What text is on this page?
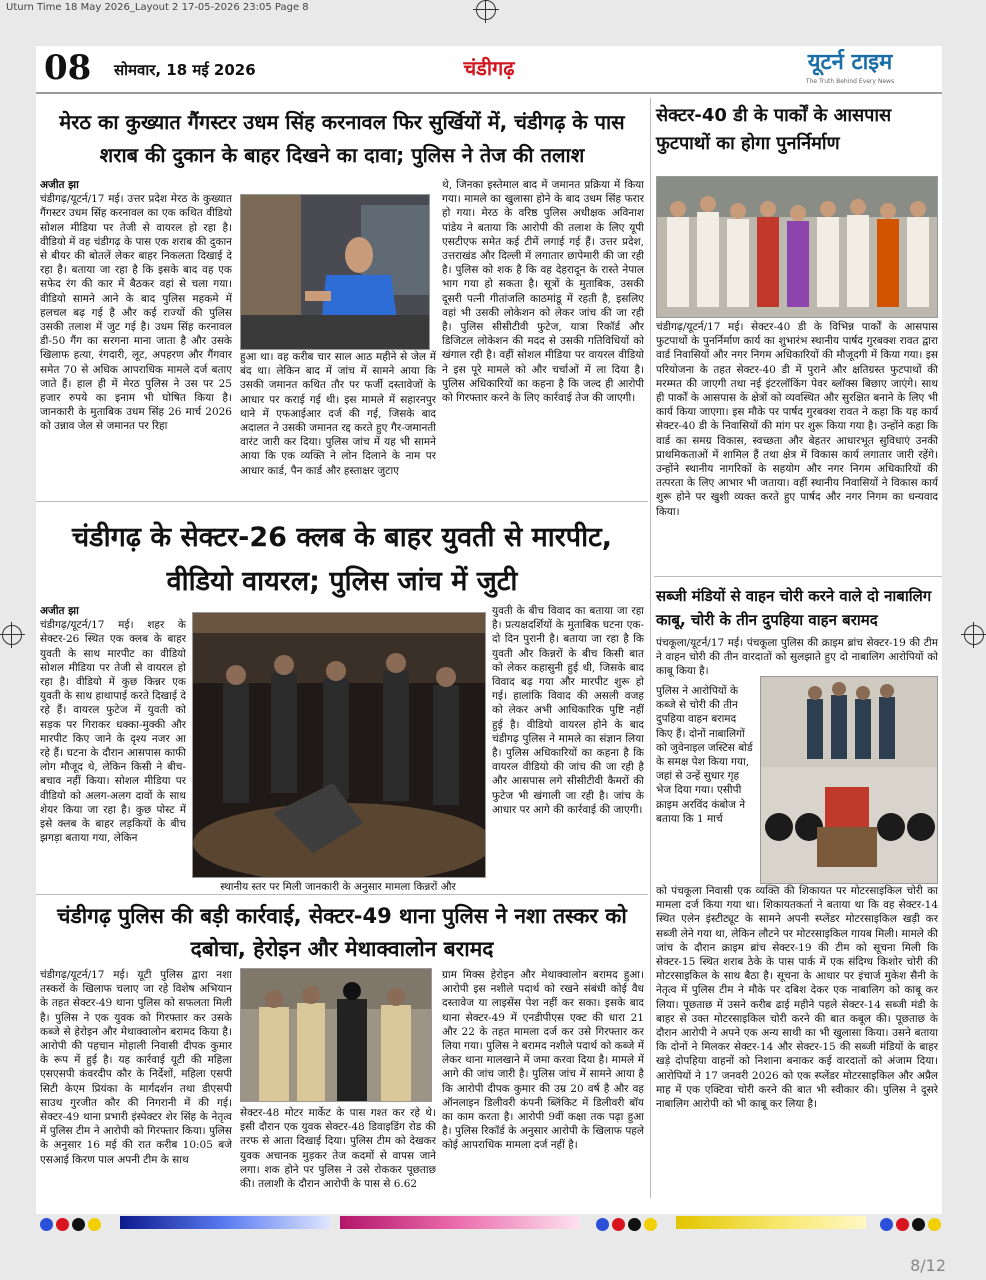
Uturn Time 18 May 2026_Layout 2 17-05-2026 23:05 Page 8
08 सोमवार, 18 मई 2026	चंडीगढ़	यूटर्न टाइम
The Truth Behind Every News
मेरठ का कुख्यात गैंगस्टर उधम सिंह करनावल फिर सुर्खियों में, चंडीगढ़ के पास शराब की दुकान के बाहर दिखने का दावा; पुलिस ने तेज की तलाश
अजीत झा
चंडीगढ़/यूटर्न/17 मई। उत्तर प्रदेश मेरठ के कुख्यात गैंगस्टर उधम सिंह करनावल का एक कथित वीडियो सोशल मीडिया पर तेजी से वायरल हो रहा है। वीडियो में वह चंडीगढ़ के पास एक शराब की दुकान से बीयर की बोतलें लेकर बाहर निकलता दिखाई दे रहा है। बताया जा रहा है कि इसके बाद वह एक सफेद रंग की कार में बैठकर वहां से चला गया। वीडियो सामने आने के बाद पुलिस महकमे में हलचल बढ़ गई है और कई राज्यों की पुलिस उसकी तलाश में जुट गई है। उधम सिंह करनावल डी-50 गैंग का सरगना माना जाता है और उसके खिलाफ हत्या, रंगदारी, लूट, अपहरण और गैंगवार समेत 70 से अधिक आपराधिक मामले दर्ज बताए जाते हैं। हाल ही में मेरठ पुलिस ने उस पर 25 हजार रुपये का इनाम भी घोषित किया है। जानकारी के मुताबिक उधम सिंह 26 मार्च 2026 को उन्नाव जेल से जमानत पर रिहा
हुआ था। वह करीब चार साल आठ महीने से जेल में बंद था। लेकिन बाद में जांच में सामने आया कि उसकी जमानत कथित तौर पर फर्जी दस्तावेजों के आधार पर कराई गई थी। इस मामले में सहारनपुर थाने में एफआईआर दर्ज की गई, जिसके बाद अदालत ने उसकी जमानत रद्द करते हुए गैर-जमानती वारंट जारी कर दिया। पुलिस जांच में यह भी सामने आया कि एक व्यक्ति ने लोन दिलाने के नाम पर आधार कार्ड, पैन कार्ड और हस्ताक्षर जुटाए
थे, जिनका इस्तेमाल बाद में जमानत प्रक्रिया में किया गया। मामले का खुलासा होने के बाद उधम सिंह फरार हो गया। मेरठ के वरिष्ठ पुलिस अधीक्षक अविनाश पांडेय ने बताया कि आरोपी की तलाश के लिए यूपी एसटीएफ समेत कई टीमें लगाई गई हैं। उत्तर प्रदेश, उत्तराखंड और दिल्ली में लगातार छापेमारी की जा रही है। पुलिस को शक है कि वह देहरादून के रास्ते नेपाल भाग गया हो सकता है। सूत्रों के मुताबिक, उसकी दूसरी पत्नी गीतांजलि काठमांडू में रहती है, इसलिए वहां भी उसकी लोकेशन को लेकर जांच की जा रही है। पुलिस सीसीटीवी फुटेज, यात्रा रिकॉर्ड और डिजिटल लोकेशन की मदद से उसकी गतिविधियों को खंगाल रही है। वहीं सोशल मीडिया पर वायरल वीडियो ने इस पूरे मामले को और चर्चाओं में ला दिया है। पुलिस अधिकारियों का कहना है कि जल्द ही आरोपी को गिरफ्तार करने के लिए कार्रवाई तेज की जाएगी।
सेक्टर-40 डी के पार्कों के आसपास फुटपाथों का होगा पुनर्निर्माण
चंडीगढ़/यूटर्न/17 मई। सेक्टर-40 डी के विभिन्न पार्कों के आसपास फुटपाथों के पुनर्निर्माण कार्य का शुभारंभ स्थानीय पार्षद गुरबक्श रावत द्वारा वार्ड निवासियों और नगर निगम अधिकारियों की मौजूदगी में किया गया। इस परियोजना के तहत सेक्टर-40 डी में पुराने और क्षतिग्रस्त फुटपाथों की मरम्मत की जाएगी तथा नई इंटरलॉकिंग पेवर ब्लॉक्स बिछाए जाएंगे। साथ ही पार्कों के आसपास के क्षेत्रों को व्यवस्थित और सुरक्षित बनाने के लिए भी कार्य किया जाएगा। इस मौके पर पार्षद गुरबक्श रावत ने कहा कि यह कार्य सेक्टर-40 डी के निवासियों की मांग पर शुरू किया गया है। उन्होंने कहा कि वार्ड का समग्र विकास, स्वच्छता और बेहतर आधारभूत सुविधाएं उनकी प्राथमिकताओं में शामिल हैं तथा क्षेत्र में विकास कार्य लगातार जारी रहेंगे। उन्होंने स्थानीय नागरिकों के सहयोग और नगर निगम अधिकारियों की तत्परता के लिए आभार भी जताया। वहीं स्थानीय निवासियों ने विकास कार्य शुरू होने पर खुशी व्यक्त करते हुए पार्षद और नगर निगम का धन्यवाद किया।
चंडीगढ़ के सेक्टर-26 क्लब के बाहर युवती से मारपीट, वीडियो वायरल; पुलिस जांच में जुटी
अजीत झा
चंडीगढ़/यूटर्न/17 मई। शहर के सेक्टर-26 स्थित एक क्लब के बाहर युवती के साथ मारपीट का वीडियो सोशल मीडिया पर तेजी से वायरल हो रहा है। वीडियो में कुछ किन्नर एक युवती के साथ हाथापाई करते दिखाई दे रहे हैं। वायरल फुटेज में युवती को सड़क पर गिराकर धक्का-मुक्की और मारपीट किए जाने के दृश्य नजर आ रहे हैं। घटना के दौरान आसपास काफी लोग मौजूद थे, लेकिन किसी ने बीच-बचाव नहीं किया। सोशल मीडिया पर वीडियो को अलग-अलग दावों के साथ शेयर किया जा रहा है। कुछ पोस्ट में इसे क्लब के बाहर लड़कियों के बीच झगड़ा बताया गया, लेकिन
स्थानीय स्तर पर मिली जानकारी के अनुसार मामला किन्नरों और
युवती के बीच विवाद का बताया जा रहा है। प्रत्यक्षदर्शियों के मुताबिक घटना एक-दो दिन पुरानी है। बताया जा रहा है कि युवती और किन्नरों के बीच किसी बात को लेकर कहासुनी हुई थी, जिसके बाद विवाद बढ़ गया और मारपीट शुरू हो गई। हालांकि विवाद की असली वजह को लेकर अभी आधिकारिक पुष्टि नहीं हुई है। वीडियो वायरल होने के बाद चंडीगढ़ पुलिस ने मामले का संज्ञान लिया है। पुलिस अधिकारियों का कहना है कि वायरल वीडियो की जांच की जा रही है और आसपास लगे सीसीटीवी कैमरों की फुटेज भी खंगाली जा रही है। जांच के आधार पर आगे की कार्रवाई की जाएगी।
सब्जी मंडियों से वाहन चोरी करने वाले दो नाबालिग काबू, चोरी के तीन दुपहिया वाहन बरामद
पंचकूला/यूटर्न/17 मई। पंचकूला पुलिस की क्राइम ब्रांच सेक्टर-19 की टीम ने वाहन चोरी की तीन वारदातों को सुलझाते हुए दो नाबालिग आरोपियों को काबू किया है।
पुलिस ने आरोपियों के कब्जे से चोरी की तीन दुपहिया वाहन बरामद किए हैं। दोनों नाबालिगों को जुवेनाइल जस्टिस बोर्ड के समक्ष पेश किया गया, जहां से उन्हें सुधार गृह भेज दिया गया। एसीपी क्राइम अरविंद कंबोज ने बताया कि 1 मार्च
को पंचकूला निवासी एक व्यक्ति की शिकायत पर मोटरसाइकिल चोरी का मामला दर्ज किया गया था। शिकायतकर्ता ने बताया था कि वह सेक्टर-14 स्थित एलेन इंस्टीट्यूट के सामने अपनी स्प्लेंडर मोटरसाइकिल खड़ी कर सब्जी लेने गया था, लेकिन लौटने पर मोटरसाइकिल गायब मिली। मामले की जांच के दौरान क्राइम ब्रांच सेक्टर-19 की टीम को सूचना मिली कि सेक्टर-15 स्थित शराब ठेके के पास पार्क में एक संदिग्ध किशोर चोरी की मोटरसाइकिल के साथ बैठा है। सूचना के आधार पर इंचार्ज मुकेश सैनी के नेतृत्व में पुलिस टीम ने मौके पर दबिश देकर एक नाबालिग को काबू कर लिया। पूछताछ में उसने करीब ढाई महीने पहले सेक्टर-14 सब्जी मंडी के बाहर से उक्त मोटरसाइकिल चोरी करने की बात कबूल की। पूछताछ के दौरान आरोपी ने अपने एक अन्य साथी का भी खुलासा किया। उसने बताया कि दोनों ने मिलकर सेक्टर-14 और सेक्टर-15 की सब्जी मंडियों के बाहर खड़े दोपहिया वाहनों को निशाना बनाकर कई वारदातों को अंजाम दिया। आरोपियों ने 17 जनवरी 2026 को एक स्प्लेंडर मोटरसाइकिल और अप्रैल माह में एक एक्टिवा चोरी करने की बात भी स्वीकार की। पुलिस ने दूसरे नाबालिग आरोपी को भी काबू कर लिया है।
चंडीगढ़ पुलिस की बड़ी कार्रवाई, सेक्टर-49 थाना पुलिस ने नशा तस्कर को दबोचा, हेरोइन और मेथाक्वालोन बरामद
चंडीगढ़/यूटर्न/17 मई। यूटी पुलिस द्वारा नशा तस्करों के खिलाफ चलाए जा रहे विशेष अभियान के तहत सेक्टर-49 थाना पुलिस को सफलता मिली है। पुलिस ने एक युवक को गिरफ्तार कर उसके कब्जे से हेरोइन और मेथाक्वालोन बरामद किया है। आरोपी की पहचान मोहाली निवासी दीपक कुमार के रूप में हुई है। यह कार्रवाई यूटी की महिला एसएसपी कंवरदीप कौर के निर्देशों, महिला एसपी सिटी केएम प्रियंका के मार्गदर्शन तथा डीएसपी साउथ गुरजीत कौर की निगरानी में की गई। सेक्टर-49 थाना प्रभारी इंस्पेक्टर शेर सिंह के नेतृत्व में पुलिस टीम ने आरोपी को गिरफ्तार किया। पुलिस के अनुसार 16 मई की रात करीब 10:05 बजे एसआई किरण पाल अपनी टीम के साथ
सेक्टर-48 मोटर मार्केट के पास गश्त कर रहे थे। इसी दौरान एक युवक सेक्टर-48 डिवाइडिंग रोड की तरफ से आता दिखाई दिया। पुलिस टीम को देखकर युवक अचानक मुड़कर तेज कदमों से वापस जाने लगा। शक होने पर पुलिस ने उसे रोककर पूछताछ की। तलाशी के दौरान आरोपी के पास से 6.62
ग्राम मिक्स हेरोइन और मेथाक्वालोन बरामद हुआ। आरोपी इस नशीले पदार्थ को रखने संबंधी कोई वैध दस्तावेज या लाइसेंस पेश नहीं कर सका। इसके बाद थाना सेक्टर-49 में एनडीपीएस एक्ट की धारा 21 और 22 के तहत मामला दर्ज कर उसे गिरफ्तार कर लिया गया। पुलिस ने बरामद नशीले पदार्थ को कब्जे में लेकर थाना मालखाने में जमा करवा दिया है। मामले में आगे की जांच जारी है। पुलिस जांच में सामने आया है कि आरोपी दीपक कुमार की उम्र 20 वर्ष है और वह ऑनलाइन डिलीवरी कंपनी ब्लिंकिट में डिलीवरी बॉय का काम करता है। आरोपी 9वीं कक्षा तक पढ़ा हुआ है। पुलिस रिकॉर्ड के अनुसार आरोपी के खिलाफ पहले कोई आपराधिक मामला दर्ज नहीं है।
8/12
